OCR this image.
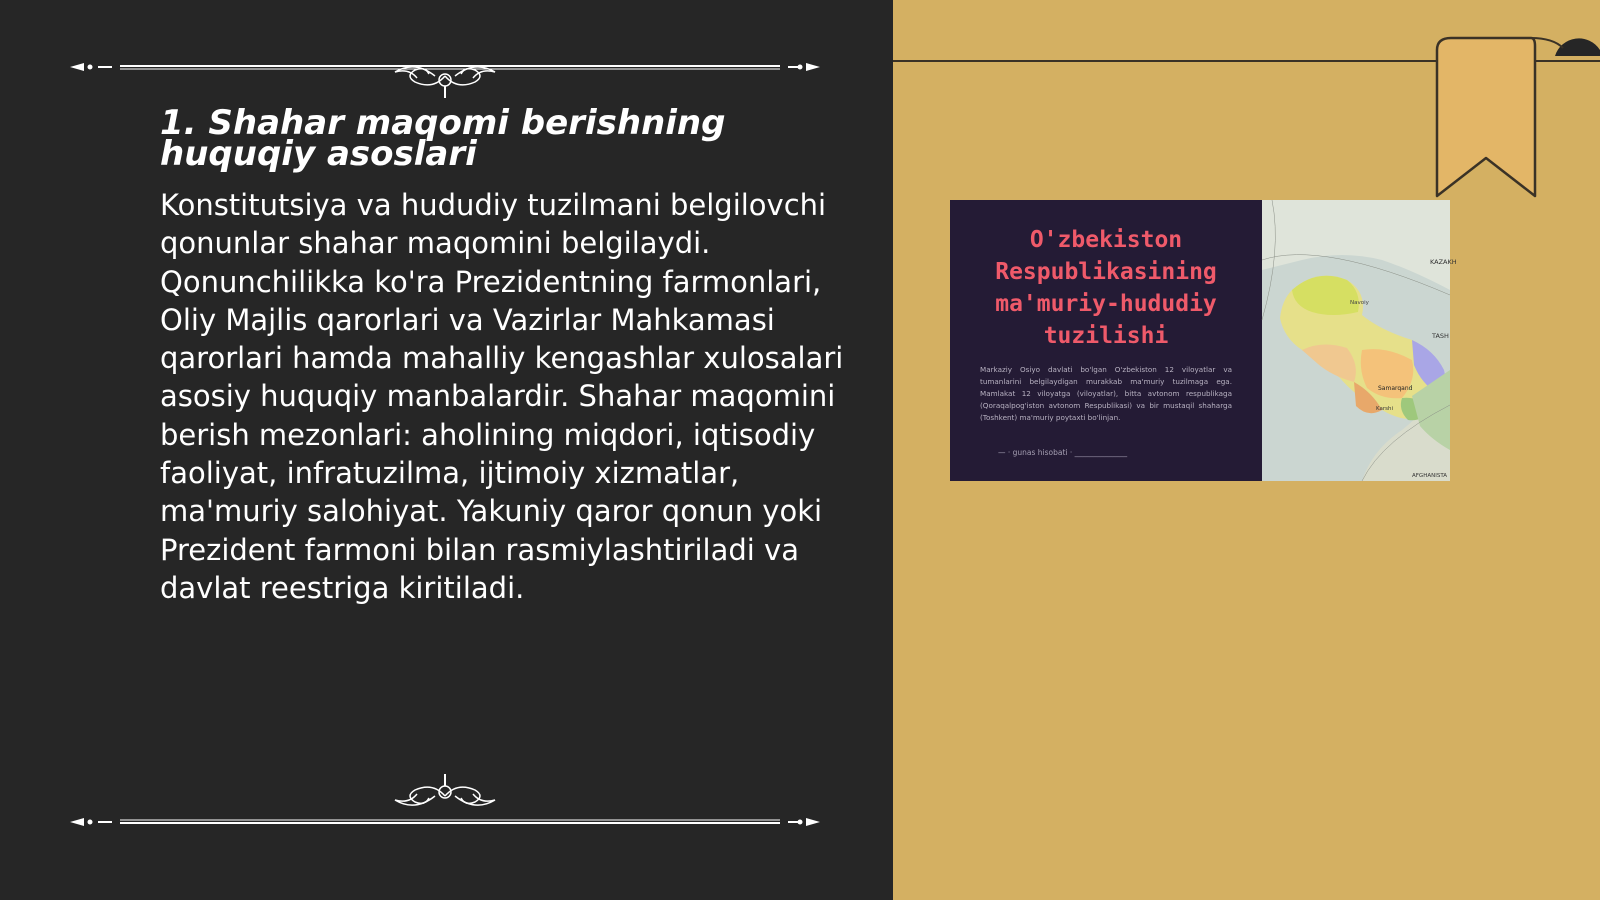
1. Shahar maqomi berishning huquqiy asoslari

Konstitutsiya va hududiy tuzilmani belgilovchi qonunlar shahar maqomini belgilaydi. Qonunchilikka ko'ra Prezidentning farmonlari, Oliy Majlis qarorlari va Vazirlar Mahkamasi qarorlari hamda mahalliy kengashlar xulosalari asosiy huquqiy manbalardir. Shahar maqomini berish mezonlari: aholining miqdori, iqtisodiy faoliyat, infratuzilma, ijtimoiy xizmatlar, ma'muriy salohiyat. Yakuniy qaror qonun yoki Prezident farmoni bilan rasmiylashtiriladi va davlat reestriga kiritiladi.

O'zbekiston Respublikasining ma'muriy-hududiy tuzilishi

Markaziy Osiyo davlati bo'lgan O'zbekiston 12 viloyatlar va tumanlarini belgilaydigan murakkab ma'muriy tuzilmaga ega. Mamlakat 12 viloyatga (viloyatlar), bitta avtonom respublikaga (Qoraqalpog'iston avtonom Respublikasi) va bir mustaqil shaharga (Toshkent) ma'muriy poytaxti bo'linjan.

— · gunas hisobati · ______________

KAZAKH
TASH
Navoiy
Samarqand
Karshi
AFGHANISTA
